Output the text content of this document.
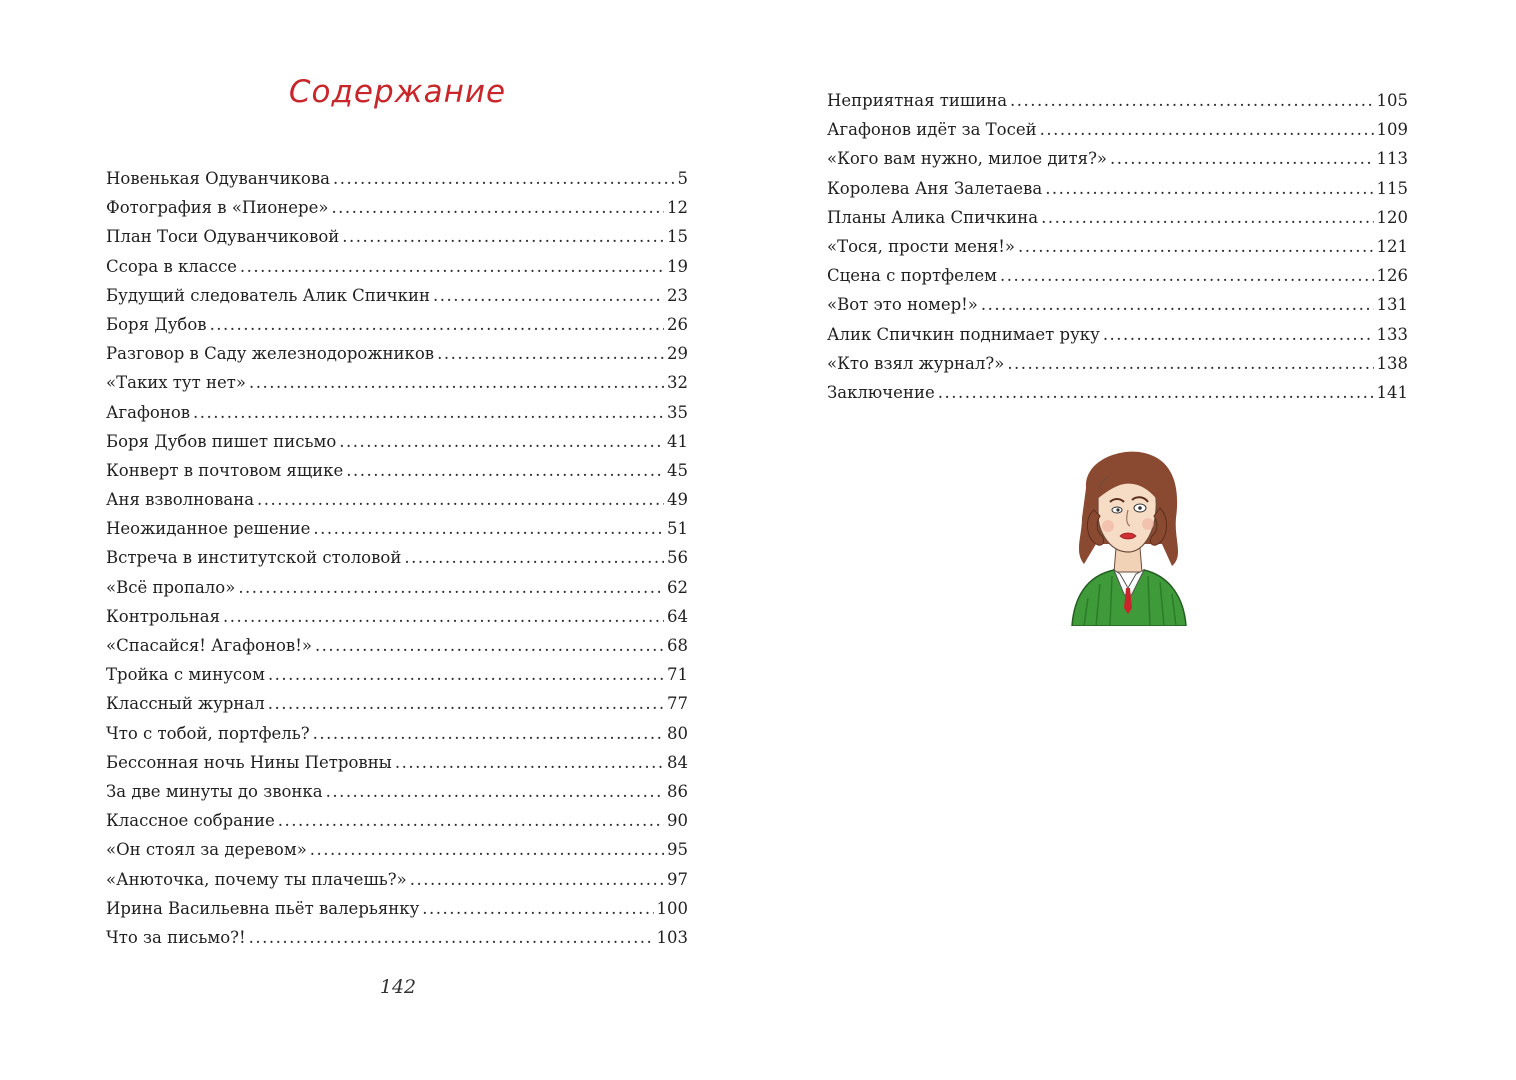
Содержание
Новенькая Одуванчикова .....	5
Фотография в «Пионере» .....	12
План Тоси Одуванчиковой .....	15
Ссора в классе .....	19
Будущий следователь Алик Спичкин .....	23
Боря Дубов .....	26
Разговор в Саду железнодорожников .....	29
«Таких тут нет» .....	32
Агафонов .....	35
Боря Дубов пишет письмо .....	41
Конверт в почтовом ящике .....	45
Аня взволнована .....	49
Неожиданное решение .....	51
Встреча в институтской столовой .....	56
«Всё пропало» .....	62
Контрольная .....	64
«Спасайся! Агафонов!» .....	68
Тройка с минусом .....	71
Классный журнал .....	77
Что с тобой, портфель? .....	80
Бессонная ночь Нины Петровны .....	84
За две минуты до звонка .....	86
Классное собрание .....	90
«Он стоял за деревом» .....	95
«Анюточка, почему ты плачешь?» .....	97
Ирина Васильевна пьёт валерьянку .....	100
Что за письмо?! .....	103
Неприятная тишина .....	105
Агафонов идёт за Тосей .....	109
«Кого вам нужно, милое дитя?» .....	113
Королева Аня Залетаева .....	115
Планы Алика Спичкина .....	120
«Тося, прости меня!» .....	121
Сцена с портфелем .....	126
«Вот это номер!» .....	131
Алик Спичкин поднимает руку .....	133
«Кто взял журнал?» .....	138
Заключение .....	141
142
